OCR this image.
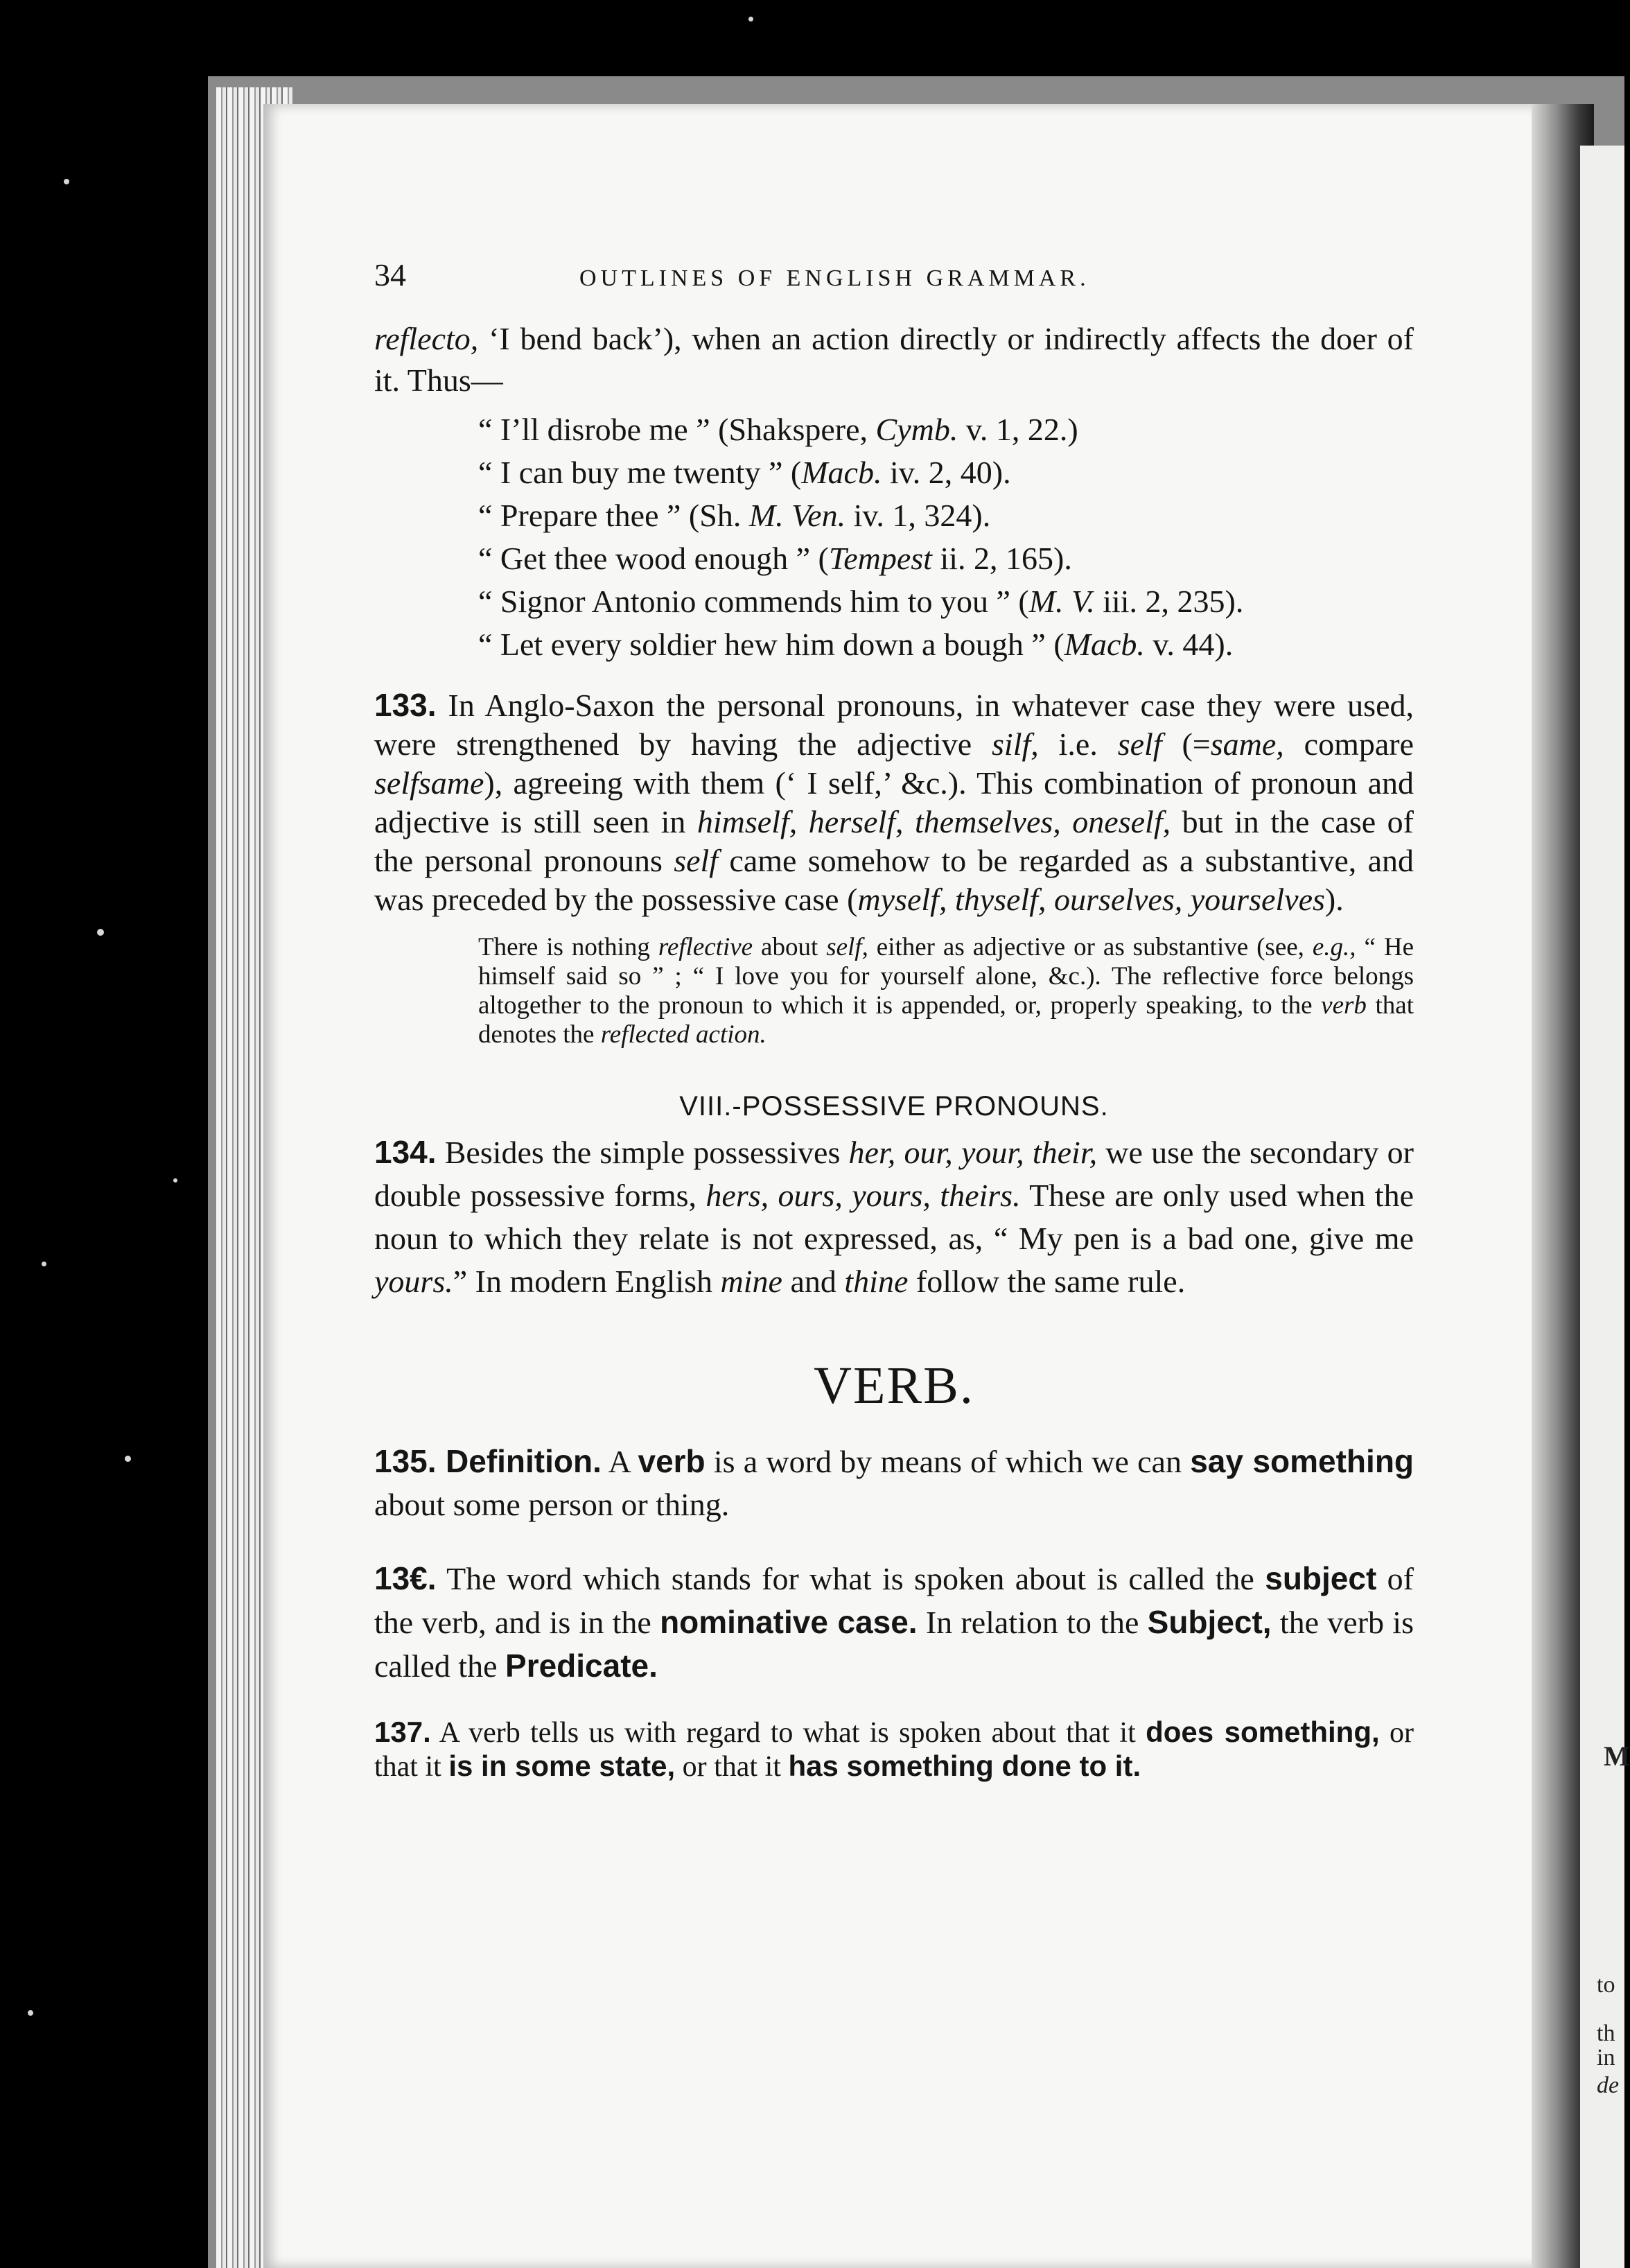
M
to
th
in
de
34	OUTLINES OF ENGLISH GRAMMAR.

reflecto, ‘I bend back’), when an action directly or indirectly affects the doer of it. Thus—

“ I’ll disrobe me ” (Shakspere, Cymb. v. 1, 22.)

“ I can buy me twenty ” (Macb. iv. 2, 40).

“ Prepare thee ” (Sh. M. Ven. iv. 1, 324).

“ Get thee wood enough ” (Tempest ii. 2, 165).

“ Signor Antonio commends him to you ” (M. V. iii. 2, 235).

“ Let every soldier hew him down a bough ” (Macb. v. 44).

133. In Anglo-Saxon the personal pronouns, in whatever case they were used, were strengthened by having the adjective silf, i.e. self (=same, compare selfsame), agreeing with them (‘ I self,’ &c.). This combination of pronoun and adjective is still seen in himself, herself, themselves, oneself, but in the case of the personal pronouns self came somehow to be regarded as a substantive, and was preceded by the possessive case (myself, thyself, ourselves, yourselves).

There is nothing reflective about self, either as adjective or as substantive (see, e.g., “ He himself said so ” ; “ I love you for yourself alone, &c.). The reflective force belongs altogether to the pronoun to which it is appended, or, properly speaking, to the verb that denotes the reflected action.

VIII.-POSSESSIVE PRONOUNS.

134. Besides the simple possessives her, our, your, their, we use the secondary or double possessive forms, hers, ours, yours, theirs. These are only used when the noun to which they relate is not expressed, as, “ My pen is a bad one, give me yours.” In modern English mine and thine follow the same rule.

VERB.

135. Definition. A verb is a word by means of which we can say something about some person or thing.

13€. The word which stands for what is spoken about is called the subject of the verb, and is in the nominative case. In relation to the Subject, the verb is called the Predicate.

137. A verb tells us with regard to what is spoken about that it does something, or that it is in some state, or that it has something done to it.
